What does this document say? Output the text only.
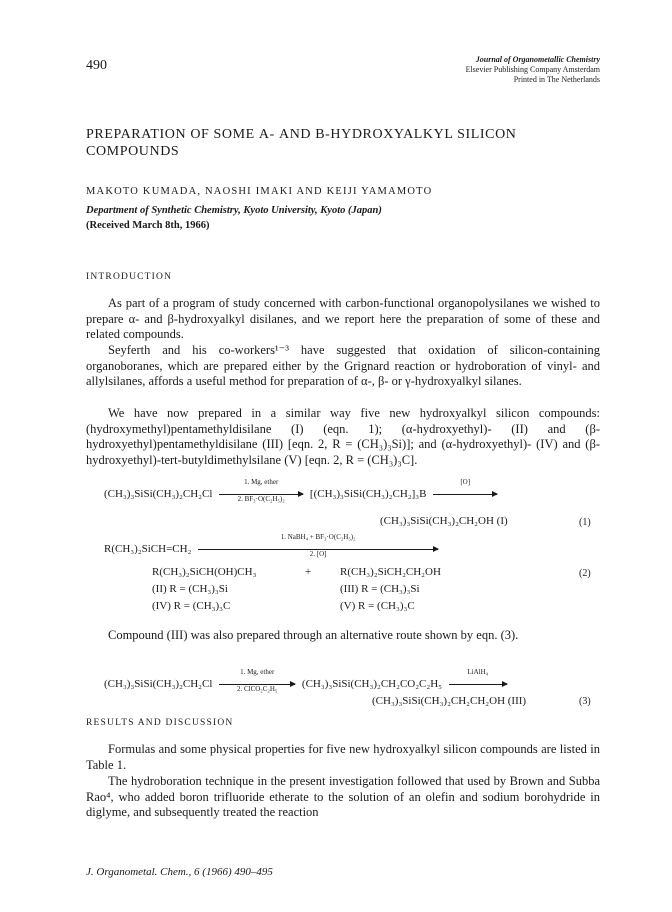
490	Journal of Organometallic Chemistry
Elsevier Publishing Company Amsterdam
Printed in The Netherlands
PREPARATION OF SOME Α- AND Β-HYDROXYALKYL SILICON COMPOUNDS
MAKOTO KUMADA, NAOSHI IMAKI AND KEIJI YAMAMOTO
Department of Synthetic Chemistry, Kyoto University, Kyoto (Japan)
(Received March 8th, 1966)
INTRODUCTION

As part of a program of study concerned with carbon-functional organopolysilanes we wished to prepare α- and β-hydroxyalkyl disilanes, and we report here the preparation of some of these and related compounds.

Seyferth and his co-workers¹⁻³ have suggested that oxidation of silicon-containing organoboranes, which are prepared either by the Grignard reaction or hydroboration of vinyl- and allylsilanes, affords a useful method for preparation of α-, β- or γ-hydroxyalkyl silanes.

We have now prepared in a similar way five new hydroxyalkyl silicon compounds: (hydroxymethyl)pentamethyldisilane (I) (eqn. 1); (α-hydroxyethyl)- (II) and (β-hydroxyethyl)pentamethyldisilane (III) [eqn. 2, R = (CH₃)₃Si)]; and (α-hydroxyethyl)- (IV) and (β-hydroxyethyl)-tert-butyldimethylsilane (V) [eqn. 2, R = (CH₃)₃C].

(CH₃)₃SiSi(CH₃)₂CH₂Cl
1. Mg, ether
2. BF₃·O(C₂H₅)₂	[(CH₃)₃SiSi(CH₃)₂CH₂]₃B
[O]
(CH₃)₃SiSi(CH₃)₂CH₂OH (I)	(1)
R(CH₃)₂SiCH=CH₂
1. NaBH₄ + BF₃·O(C₂H₅)₂
2. [O]
R(CH₃)₂SiCH(OH)CH₃	+	R(CH₃)₂SiCH₂CH₂OH	(2)
(II) R = (CH₃)₃Si	(III) R = (CH₃)₃Si
(IV) R = (CH₃)₃C	(V) R = (CH₃)₃C

Compound (III) was also prepared through an alternative route shown by eqn. (3).

(CH₃)₃SiSi(CH₃)₂CH₂Cl
1. Mg, ether
2. ClCO₂C₂H₅	(CH₃)₃SiSi(CH₃)₂CH₂CO₂C₂H₅
LiAlH₄
(CH₃)₃SiSi(CH₃)₂CH₂CH₂OH (III)	(3)
RESULTS AND DISCUSSION

Formulas and some physical properties for five new hydroxyalkyl silicon compounds are listed in Table 1.

The hydroboration technique in the present investigation followed that used by Brown and Subba Rao⁴, who added boron trifluoride etherate to the solution of an olefin and sodium borohydride in diglyme, and subsequently treated the reaction

J. Organometal. Chem., 6 (1966) 490–495
